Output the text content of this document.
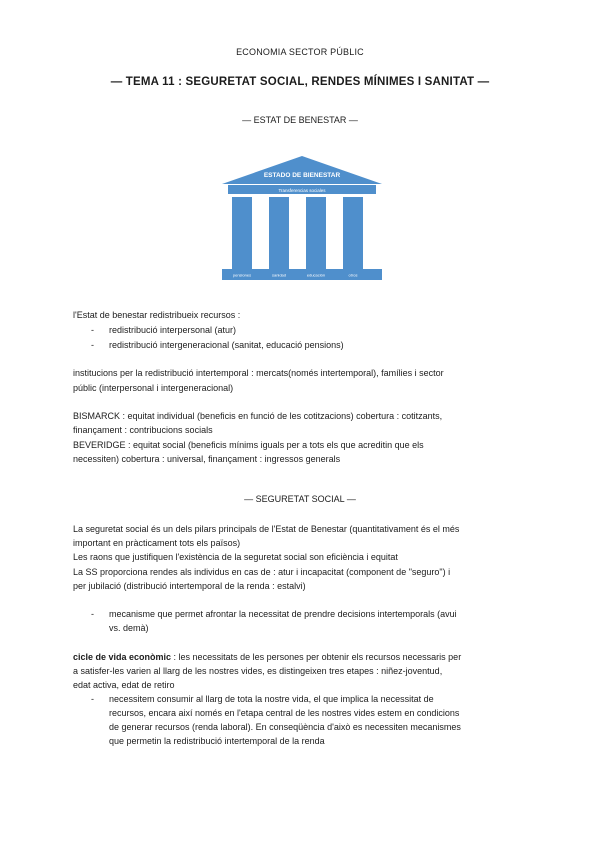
ECONOMIA SECTOR PÚBLIC
— TEMA 11 : SEGURETAT SOCIAL, RENDES MÍNIMES I SANITAT —
— ESTAT DE BENESTAR —
ESTADO DE BIENESTAR
Transferencias sociales
pensiones	sanidad	educación	otros
l'Estat de benestar redistribueix recursos :
- redistribució interpersonal (atur)
- redistribució intergeneracional (sanitat, educació pensions)
institucions per la redistribució intertemporal : mercats(només intertemporal), famílies i sector
públic (interpersonal i intergeneracional)
BISMARCK : equitat individual (beneficis en funció de les cotitzacions) cobertura : cotitzants,
finançament : contribucions socials
BEVERIDGE : equitat social (beneficis mínims iguals per a tots els que acreditin que els
necessiten) cobertura : universal, finançament : ingressos generals
— SEGURETAT SOCIAL —
La seguretat social és un dels pilars principals de l'Estat de Benestar (quantitativament és el més
important en pràcticament tots els països)
Les raons que justifiquen l'existència de la seguretat social son eficiència i equitat
La SS proporciona rendes als individus en cas de : atur i incapacitat (component de "seguro") i
per jubilació (distribució intertemporal de la renda : estalvi)
- mecanisme que permet afrontar la necessitat de prendre decisions intertemporals (avui
vs. demà)
cicle de vida econòmic : les necessitats de les persones per obtenir els recursos necessaris per
a satisfer-les varien al llarg de les nostres vides, es distingeixen tres etapes : niñez-joventud,
edat activa, edat de retiro
- necessitem consumir al llarg de tota la nostre vida, el que implica la necessitat de
recursos, encara així només en l'etapa central de les nostres vides estem en condicions
de generar recursos (renda laboral). En conseqüència d'això es necessiten mecanismes
que permetin la redistribució intertemporal de la renda
